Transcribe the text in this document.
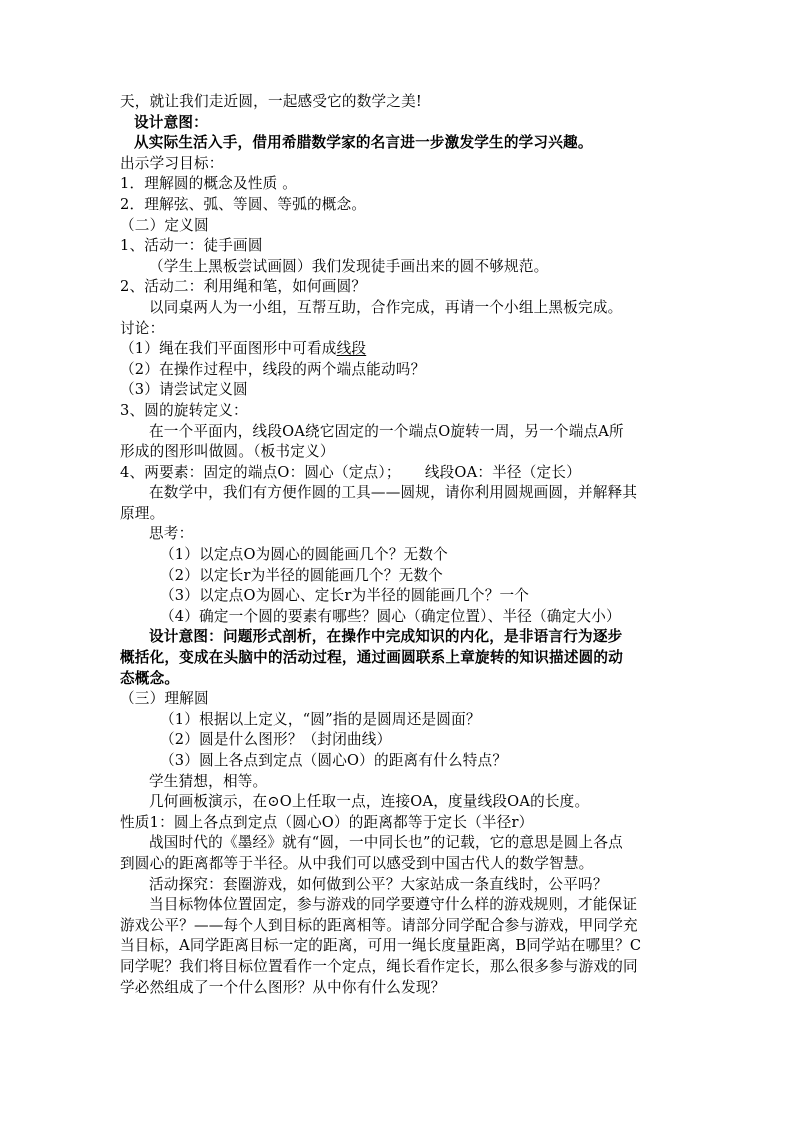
天，就让我们走近圆，一起感受它的数学之美!
设计意图：
从实际生活入手，借用希腊数学家的名言进一步激发学生的学习兴趣。
出示学习目标：
1．理解圆的概念及性质 。
2．理解弦、弧、等圆、等弧的概念。
（二）定义圆
1、活动一：徒手画圆
（学生上黑板尝试画圆）我们发现徒手画出来的圆不够规范。
2、活动二：利用绳和笔，如何画圆？
以同桌两人为一小组，互帮互助，合作完成，再请一个小组上黑板完成。
讨论：
（1）绳在我们平面图形中可看成线段
（2）在操作过程中，线段的两个端点能动吗？
（3）请尝试定义圆
3、圆的旋转定义：
在一个平面内，线段OA绕它固定的一个端点O旋转一周，另一个端点A所
形成的图形叫做圆。（板书定义）
4、两要素：固定的端点O：圆心（定点）；     线段OA：半径（定长）
在数学中，我们有方便作圆的工具——圆规，请你利用圆规画圆，并解释其
原理。
思考：
（1）以定点O为圆心的圆能画几个？无数个
（2）以定长r为半径的圆能画几个？无数个
（3）以定点O为圆心、定长r为半径的圆能画几个？一个
（4）确定一个圆的要素有哪些？圆心（确定位置）、半径（确定大小）
设计意图：问题形式剖析，在操作中完成知识的内化，是非语言行为逐步
概括化，变成在头脑中的活动过程，通过画圆联系上章旋转的知识描述圆的动
态概念。
（三）理解圆
（1）根据以上定义，“圆”指的是圆周还是圆面？
（2）圆是什么图形？（封闭曲线）
（3）圆上各点到定点（圆心O）的距离有什么特点？
学生猜想，相等。
几何画板演示，在⊙O上任取一点，连接OA，度量线段OA的长度。
性质1：圆上各点到定点（圆心O）的距离都等于定长（半径r）
战国时代的《墨经》就有“圆，一中同长也”的记载，它的意思是圆上各点
到圆心的距离都等于半径。从中我们可以感受到中国古代人的数学智慧。
活动探究：套圈游戏，如何做到公平？大家站成一条直线时，公平吗？
当目标物体位置固定，参与游戏的同学要遵守什么样的游戏规则，才能保证
游戏公平？——每个人到目标的距离相等。请部分同学配合参与游戏，甲同学充
当目标，A同学距离目标一定的距离，可用一绳长度量距离，B同学站在哪里？C
同学呢？我们将目标位置看作一个定点，绳长看作定长，那么很多参与游戏的同
学必然组成了一个什么图形？从中你有什么发现？
